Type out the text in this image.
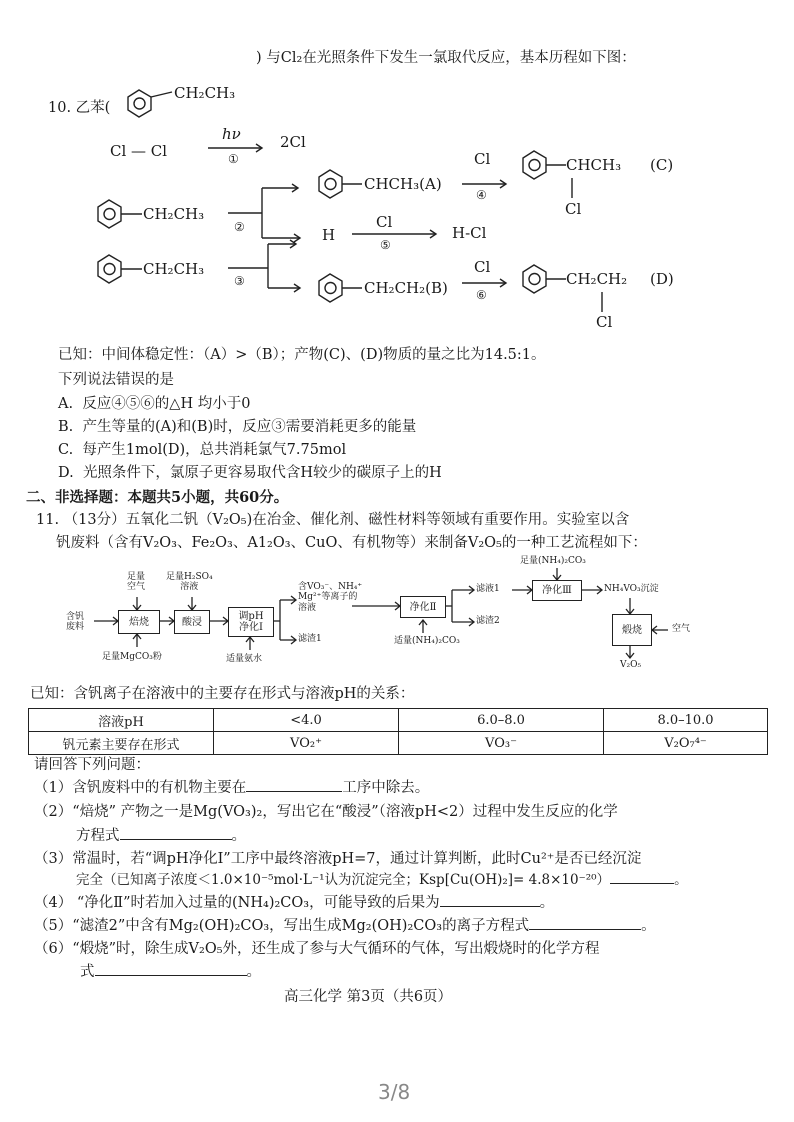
10. 乙苯(
CH₂CH₃
) 与Cl₂在光照条件下发生一氯取代反应，基本历程如下图：
Cl — Cl
hν
①
2Cl
CH₂CH₃
②
CHCH₃(A)
Cl
④
CHCH₃
Cl
(C)
H
Cl
⑤
H-Cl
CH₂CH₃
③	CH₂CH₂(B)
Cl
⑥
CH₂CH₂
Cl
(D)
已知：中间体稳定性：（A）>（B）；产物(C)、(D)物质的量之比为14.5:1。
下列说法错误的是
A. 反应④⑤⑥的△H 均小于0
B. 产生等量的(A)和(B)时，反应③需要消耗更多的能量
C. 每产生1mol(D)，总共消耗氯气7.75mol
D. 光照条件下，氯原子更容易取代含H较少的碳原子上的H
二、非选择题：本题共5小题，共60分。
11. （13分）五氧化二钒（V₂O₅)在冶金、催化剂、磁性材料等领域有重要作用。实验室以含
钒废料（含有V₂O₃、Fe₂O₃、A1₂O₃、CuO、有机物等）来制备V₂O₅的一种工艺流程如下：
含钒
废料
足量
空气
焙烧
足量MgCO₃粉
足量H₂SO₄
溶液
酸浸	调pH
净化Ⅰ
适量氨水
含VO₃⁻、NH₄⁺
Mg²⁺等离子的
溶液
滤渣1
净化Ⅱ
适量(NH₄)₂CO₃
滤液1
滤渣2
足量(NH₄)₂CO₃
净化Ⅲ	NH₄VO₃沉淀
煅烧	空气
V₂O₅
已知：含钒离子在溶液中的主要存在形式与溶液pH的关系：
溶液pH	<4.0	6.0–8.0	8.0–10.0
钒元素主要存在形式	VO₂⁺	VO₃⁻	V₂O₇⁴⁻
请回答下列问题：
（1）含钒废料中的有机物主要在	工序中除去。
（2）“焙烧” 产物之一是Mg(VO₃)₂，写出它在“酸浸”（溶液pH<2）过程中发生反应的化学
方程式	。
（3）常温时，若“调pH净化Ⅰ”工序中最终溶液pH=7，通过计算判断，此时Cu²⁺是否已经沉淀
完全（已知离子浓度＜1.0×10⁻⁵mol·L⁻¹认为沉淀完全；Ksp[Cu(OH)₂]= 4.8×10⁻²⁰）	。
（4） “净化Ⅱ”时若加入过量的(NH₄)₂CO₃，可能导致的后果为	。
（5）“滤渣2”中含有Mg₂(OH)₂CO₃，写出生成Mg₂(OH)₂CO₃的离子方程式	。
（6）“煅烧”时，除生成V₂O₅外，还生成了参与大气循环的气体，写出煅烧时的化学方程
式	。
高三化学 第3页（共6页）
3/8
